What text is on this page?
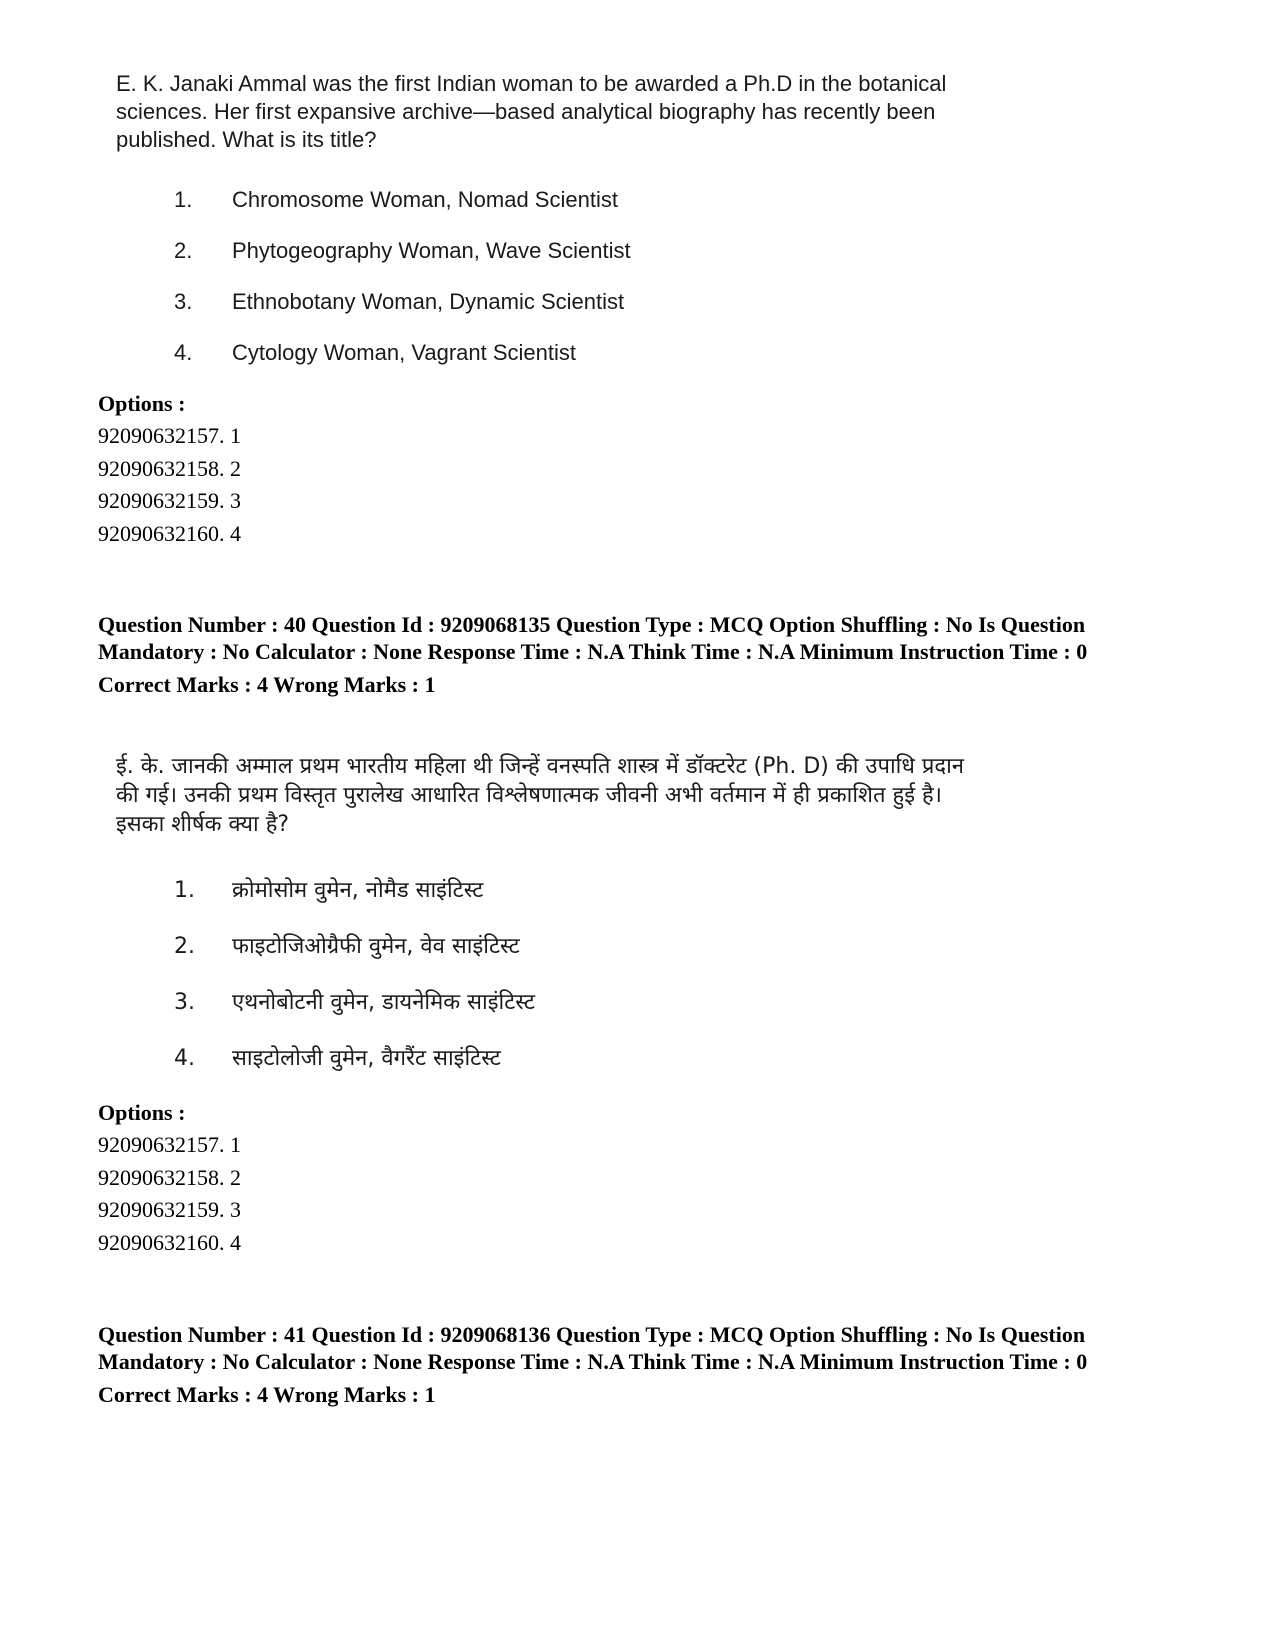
E. K. Janaki Ammal was the first Indian woman to be awarded a Ph.D in the botanical sciences. Her first expansive archive—based analytical biography has recently been published. What is its title?

1.	Chromosome Woman, Nomad Scientist
2.	Phytogeography Woman, Wave Scientist
3.	Ethnobotany Woman, Dynamic Scientist
4.	Cytology Woman, Vagrant Scientist
Options :
92090632157. 1
92090632158. 2
92090632159. 3
92090632160. 4
Question Number : 40 Question Id : 9209068135 Question Type : MCQ Option Shuffling : No Is Question Mandatory : No Calculator : None Response Time : N.A Think Time : N.A Minimum Instruction Time : 0
Correct Marks : 4 Wrong Marks : 1

ई. के. जानकी अम्माल प्रथम भारतीय महिला थी जिन्हें वनस्पति शास्त्र में डॉक्टरेट (Ph. D) की उपाधि प्रदान की गई। उनकी प्रथम विस्तृत पुरालेख आधारित विश्लेषणात्मक जीवनी अभी वर्तमान में ही प्रकाशित हुई है। इसका शीर्षक क्या है?

1.	क्रोमोसोम वुमेन, नोमैड साइंटिस्ट
2.	फाइटोजिओग्रैफी वुमेन, वेव साइंटिस्ट
3.	एथनोबोटनी वुमेन, डायनेमिक साइंटिस्ट
4.	साइटोलोजी वुमेन, वैगरैंट साइंटिस्ट
Options :
92090632157. 1
92090632158. 2
92090632159. 3
92090632160. 4
Question Number : 41 Question Id : 9209068136 Question Type : MCQ Option Shuffling : No Is Question Mandatory : No Calculator : None Response Time : N.A Think Time : N.A Minimum Instruction Time : 0
Correct Marks : 4 Wrong Marks : 1
